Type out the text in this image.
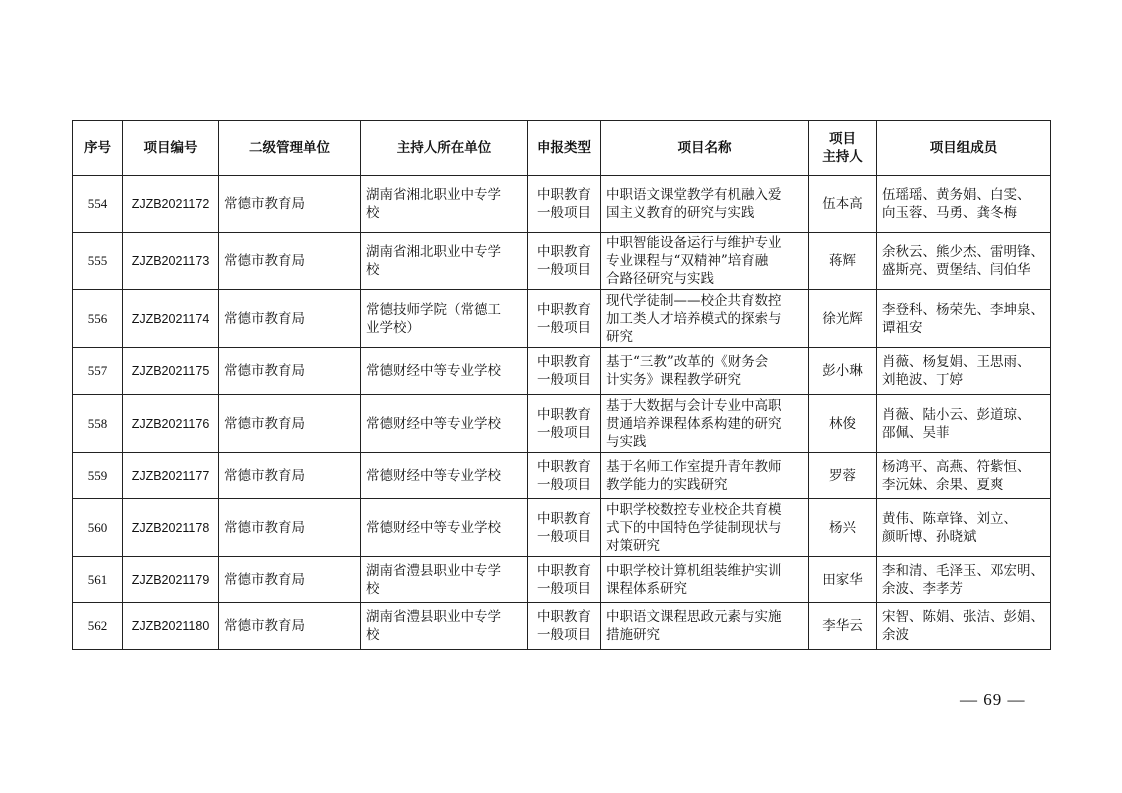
序号	项目编号	二级管理单位	主持人所在单位	申报类型	项目名称	项目
主持人	项目组成员
554	ZJZB2021172	常德市教育局	湖南省湘北职业中专学
校	中职教育
一般项目	中职语文课堂教学有机融入爱
国主义教育的研究与实践	伍本高	伍瑶瑶、黄务娟、白雯、
向玉蓉、马勇、龚冬梅
555	ZJZB2021173	常德市教育局	湖南省湘北职业中专学
校	中职教育
一般项目	中职智能设备运行与维护专业
专业课程与“双精神”培育融
合路径研究与实践	蒋辉	余秋云、熊少杰、雷明锋、
盛斯亮、贾堡结、闫伯华
556	ZJZB2021174	常德市教育局	常德技师学院（常德工
业学校）	中职教育
一般项目	现代学徒制——校企共育数控
加工类人才培养模式的探索与
研究	徐光辉	李登科、杨荣先、李坤泉、
谭祖安
557	ZJZB2021175	常德市教育局	常德财经中等专业学校	中职教育
一般项目	基于“三教”改革的《财务会
计实务》课程教学研究	彭小琳	肖薇、杨复娟、王思雨、
刘艳波、丁婷
558	ZJZB2021176	常德市教育局	常德财经中等专业学校	中职教育
一般项目	基于大数据与会计专业中高职
贯通培养课程体系构建的研究
与实践	林俊	肖薇、陆小云、彭道琼、
邵佩、吴菲
559	ZJZB2021177	常德市教育局	常德财经中等专业学校	中职教育
一般项目	基于名师工作室提升青年教师
教学能力的实践研究	罗蓉	杨鸿平、高燕、符紫恒、
李沅妹、余果、夏爽
560	ZJZB2021178	常德市教育局	常德财经中等专业学校	中职教育
一般项目	中职学校数控专业校企共育模
式下的中国特色学徒制现状与
对策研究	杨兴	黄伟、陈章锋、刘立、
颜昕博、孙晓斌
561	ZJZB2021179	常德市教育局	湖南省澧县职业中专学
校	中职教育
一般项目	中职学校计算机组装维护实训
课程体系研究	田家华	李和清、毛泽玉、邓宏明、
余波、李孝芳
562	ZJZB2021180	常德市教育局	湖南省澧县职业中专学
校	中职教育
一般项目	中职语文课程思政元素与实施
措施研究	李华云	宋智、陈娟、张洁、彭娟、
余波
— 69 —
